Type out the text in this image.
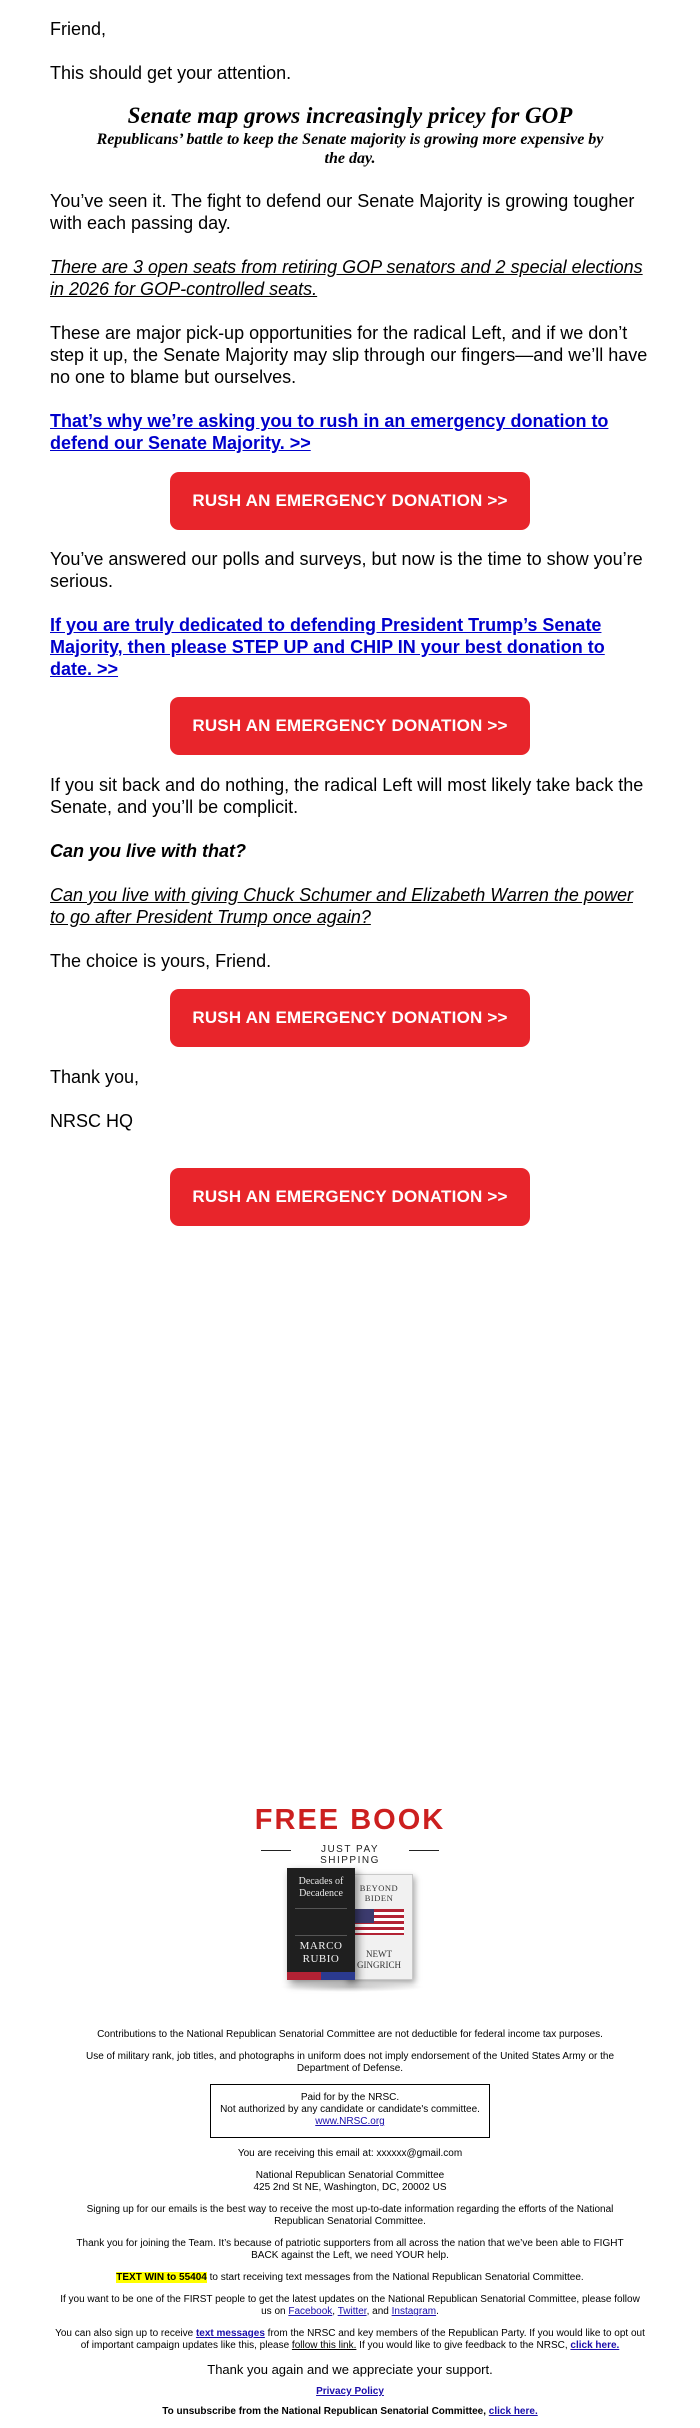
Friend,

This should get your attention.

Senate map grows increasingly pricey for GOP
Republicans’ battle to keep the Senate majority is growing more expensive by the day.

You’ve seen it. The fight to defend our Senate Majority is growing tougher with each passing day.

There are 3 open seats from retiring GOP senators and 2 special elections in 2026 for GOP-controlled seats.

These are major pick-up opportunities for the radical Left, and if we don’t step it up, the Senate Majority may slip through our fingers—and we’ll have no one to blame but ourselves.

That’s why we’re asking you to rush in an emergency donation to defend our Senate Majority. >>
RUSH AN EMERGENCY DONATION >>

You’ve answered our polls and surveys, but now is the time to show you’re serious.

If you are truly dedicated to defending President Trump’s Senate Majority, then please STEP UP and CHIP IN your best donation to date. >>
RUSH AN EMERGENCY DONATION >>

If you sit back and do nothing, the radical Left will most likely take back the Senate, and you’ll be complicit.

Can you live with that?

Can you live with giving Chuck Schumer and Elizabeth Warren the power to go after President Trump once again?

The choice is yours, Friend.

RUSH AN EMERGENCY DONATION >>

Thank you,

NRSC HQ

RUSH AN EMERGENCY DONATION >>
FREE BOOK
JUST PAY SHIPPING
BEYOND BIDEN
NEWT GINGRICH
Decades of Decadence
MARCO RUBIO
Contributions to the National Republican Senatorial Committee are not deductible for federal income tax purposes.
Use of military rank, job titles, and photographs in uniform does not imply endorsement of the United States Army or the Department of Defense.
Paid for by the NRSC.
Not authorized by any candidate or candidate's committee.
www.NRSC.org
You are receiving this email at: xxxxxx@gmail.com
National Republican Senatorial Committee
425 2nd St NE, Washington, DC, 20002 US
Signing up for our emails is the best way to receive the most up-to-date information regarding the efforts of the National Republican Senatorial Committee.
Thank you for joining the Team. It’s because of patriotic supporters from all across the nation that we’ve been able to FIGHT BACK against the Left, we need YOUR help.
TEXT WIN to 55404 to start receiving text messages from the National Republican Senatorial Committee.
If you want to be one of the FIRST people to get the latest updates on the National Republican Senatorial Committee, please follow us on Facebook, Twitter, and Instagram.
You can also sign up to receive text messages from the NRSC and key members of the Republican Party. If you would like to opt out of important campaign updates like this, please follow this link. If you would like to give feedback to the NRSC, click here.
Thank you again and we appreciate your support.
Privacy Policy
To unsubscribe from the National Republican Senatorial Committee, click here.
